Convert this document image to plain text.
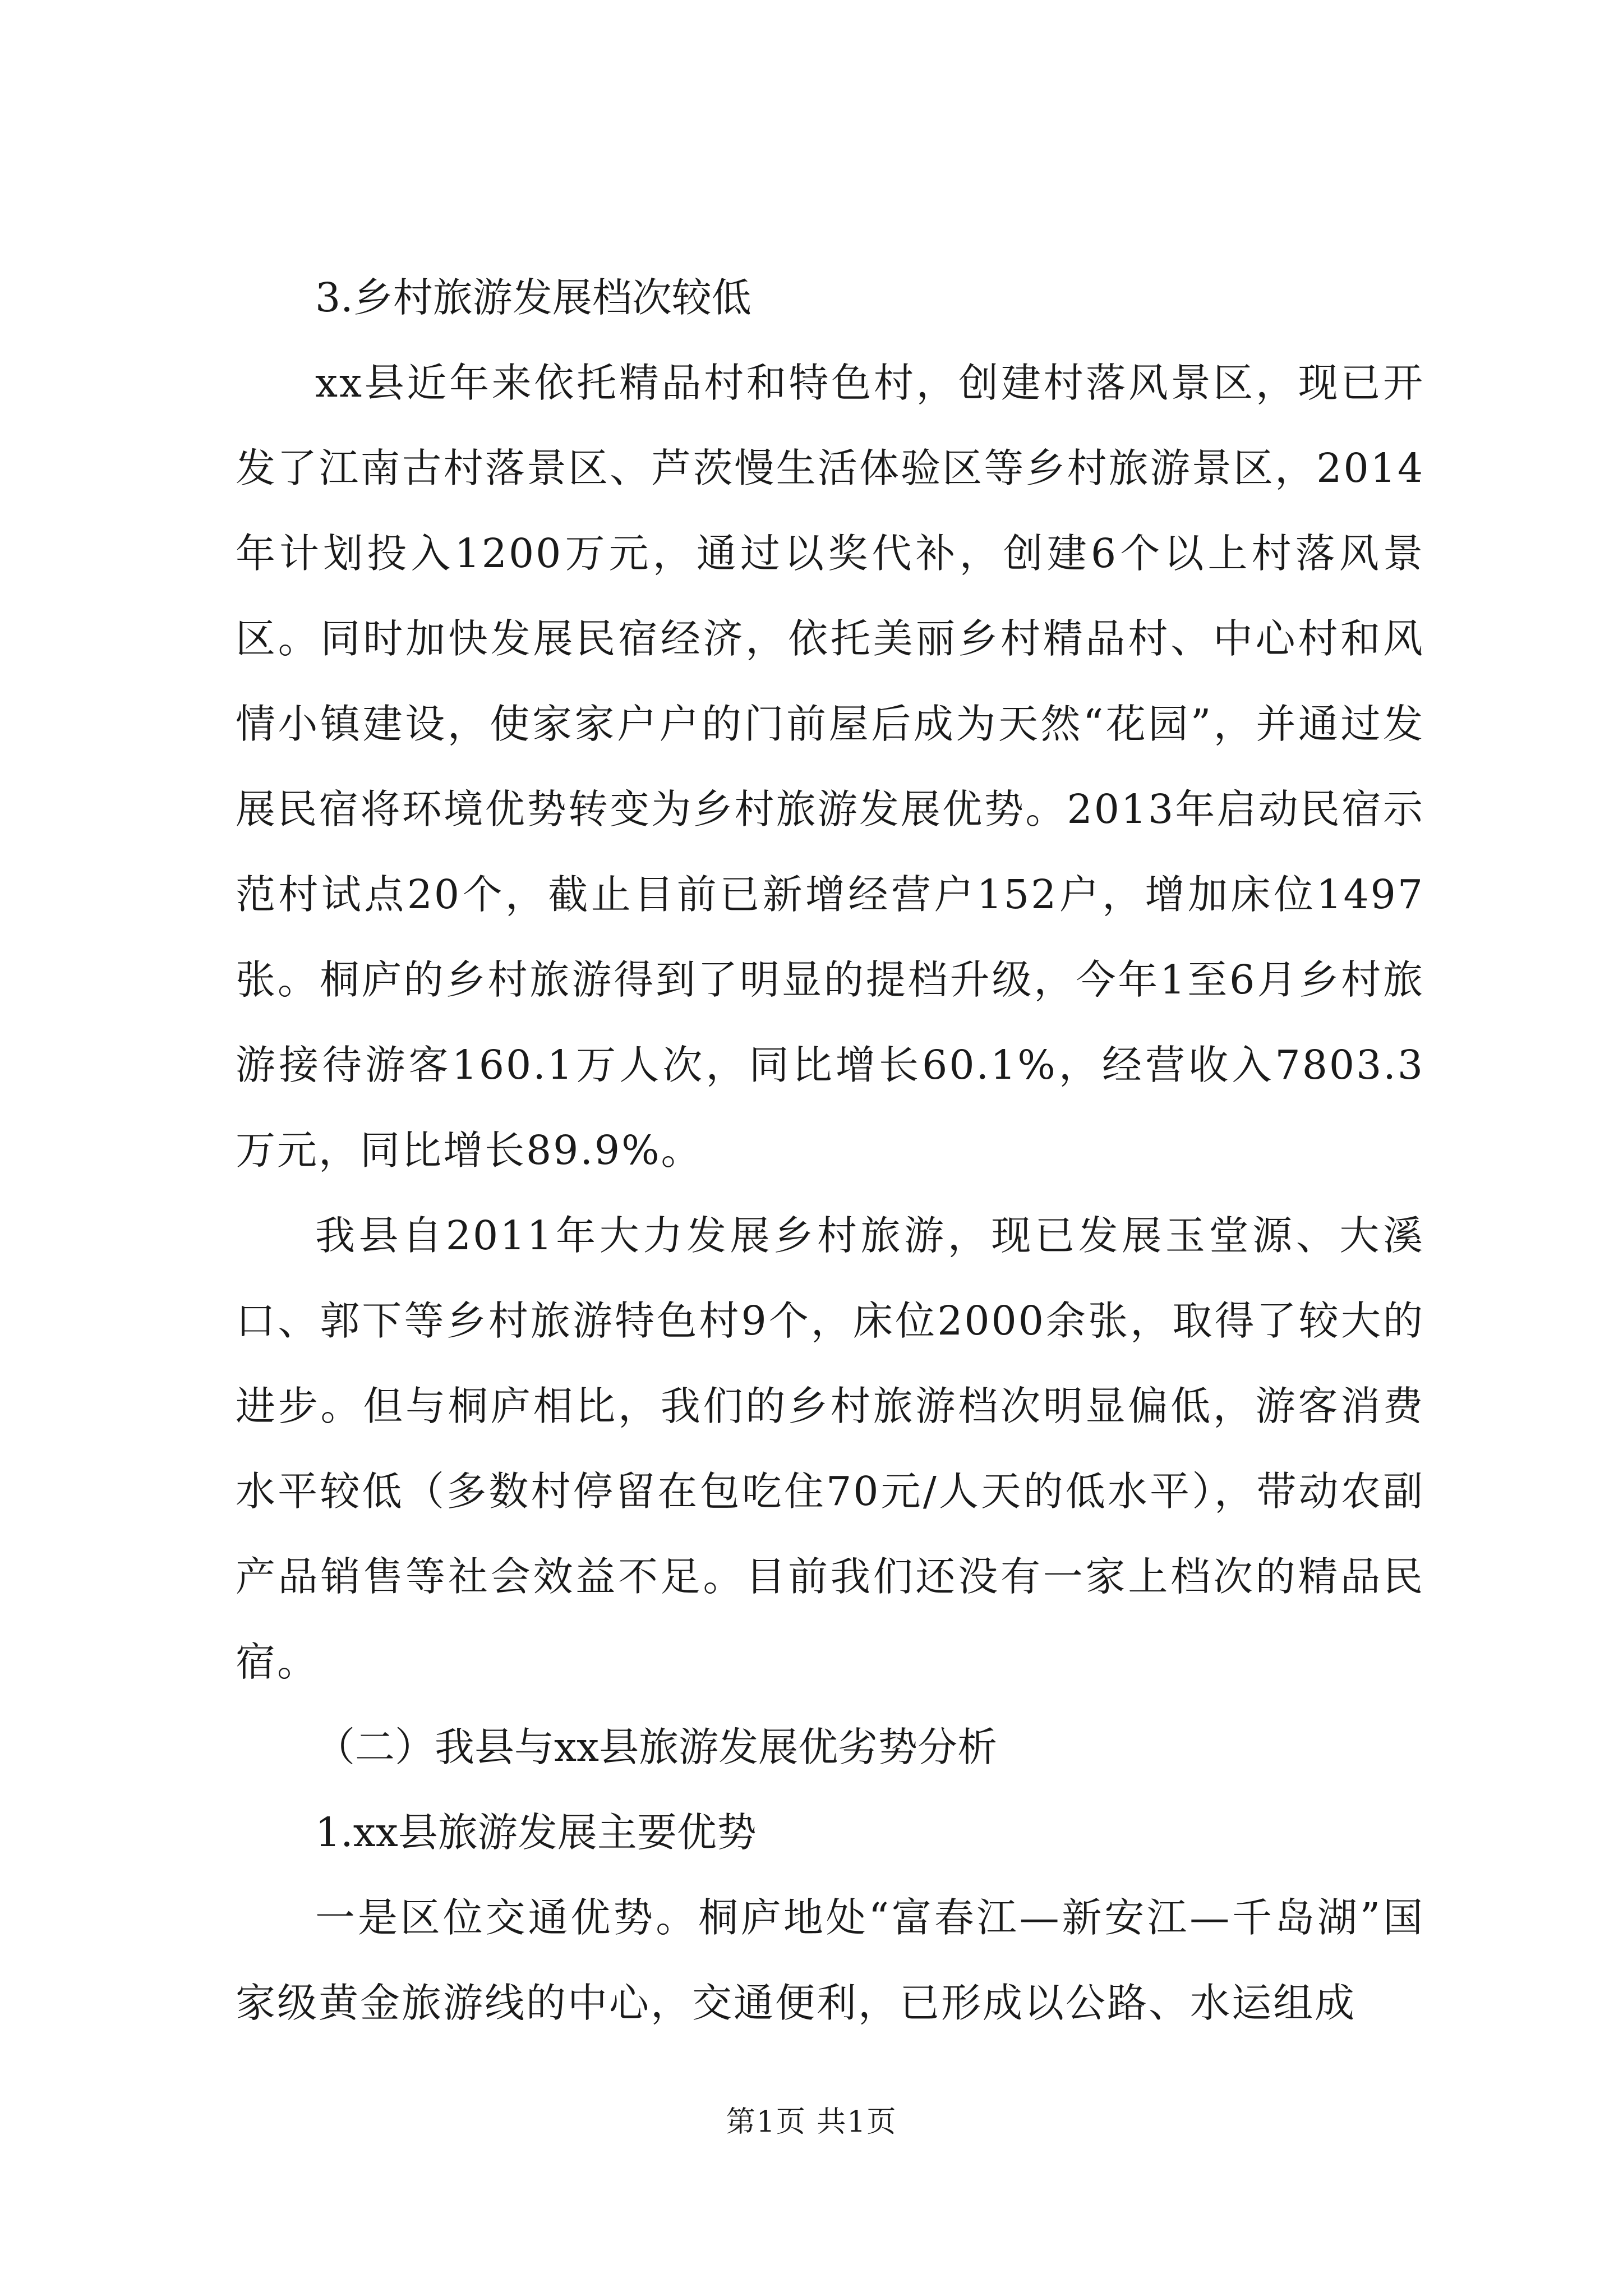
3.乡村旅游发展档次较低

xx县近年来依托精品村和特色村，创建村落风景区，现已开发了江南古村落景区、芦茨慢生活体验区等乡村旅游景区，2014年计划投入1200万元，通过以奖代补，创建6个以上村落风景区。同时加快发展民宿经济，依托美丽乡村精品村、中心村和风情小镇建设，使家家户户的门前屋后成为天然“花园”，并通过发展民宿将环境优势转变为乡村旅游发展优势。2013年启动民宿示范村试点20个，截止目前已新增经营户152户，增加床位1497张。桐庐的乡村旅游得到了明显的提档升级，今年1至6月乡村旅游接待游客160.1万人次，同比增长60.1%，经营收入7803.3万元，同比增长89.9%。

我县自2011年大力发展乡村旅游，现已发展玉堂源、大溪口、郭下等乡村旅游特色村9个，床位2000余张，取得了较大的进步。但与桐庐相比，我们的乡村旅游档次明显偏低，游客消费水平较低（多数村停留在包吃住70元/人天的低水平），带动农副产品销售等社会效益不足。目前我们还没有一家上档次的精品民宿。

（二）我县与xx县旅游发展优劣势分析

1.xx县旅游发展主要优势

一是区位交通优势。桐庐地处“富春江—新安江—千岛湖”国家级黄金旅游线的中心，交通便利，已形成以公路、水运组成

第1页 共1页
